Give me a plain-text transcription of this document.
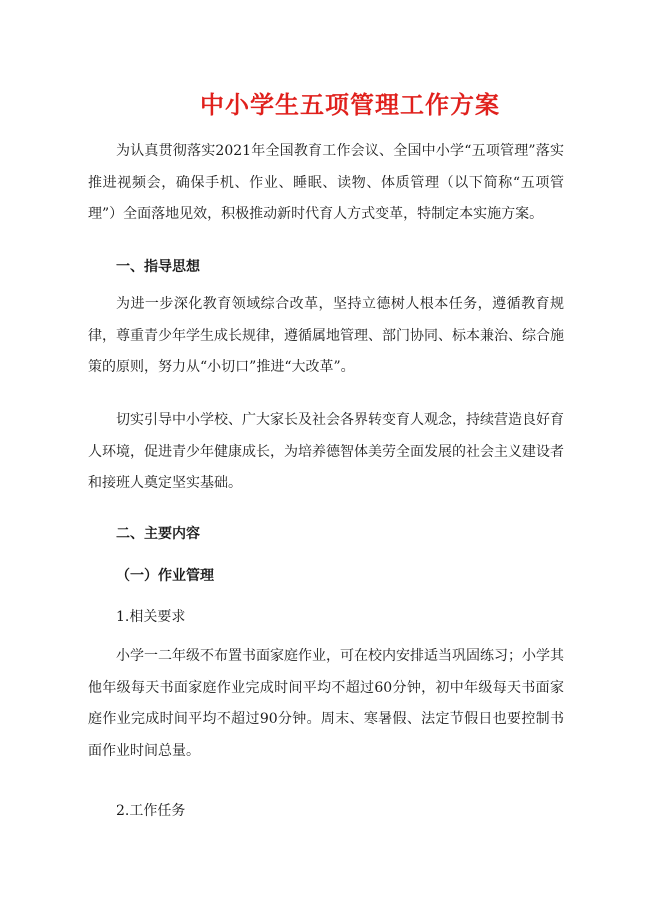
中小学生五项管理工作方案

为认真贯彻落实2021年全国教育工作会议、全国中小学“五项管理”落实推进视频会，确保手机、作业、睡眠、读物、体质管理（以下简称“五项管理”）全面落地见效，积极推动新时代育人方式变革，特制定本实施方案。

一、指导思想

为进一步深化教育领域综合改革，坚持立德树人根本任务，遵循教育规律，尊重青少年学生成长规律，遵循属地管理、部门协同、标本兼治、综合施策的原则，努力从“小切口”推进“大改革”。

切实引导中小学校、广大家长及社会各界转变育人观念，持续营造良好育人环境，促进青少年健康成长，为培养德智体美劳全面发展的社会主义建设者和接班人奠定坚实基础。

二、主要内容

（一）作业管理

1.相关要求

小学一二年级不布置书面家庭作业，可在校内安排适当巩固练习；小学其他年级每天书面家庭作业完成时间平均不超过60分钟，初中年级每天书面家庭作业完成时间平均不超过90分钟。周末、寒暑假、法定节假日也要控制书面作业时间总量。

2.工作任务
